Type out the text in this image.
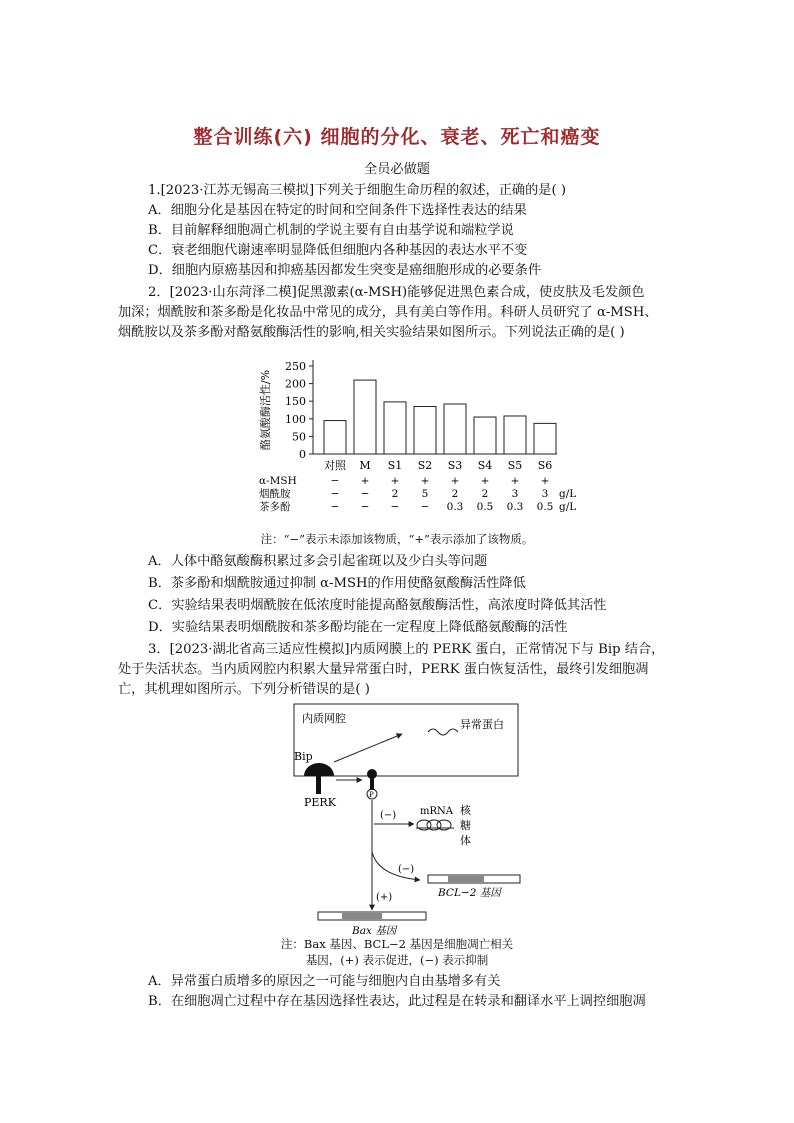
整合训练(六) 细胞的分化、衰老、死亡和癌变
全员必做题
1.[2023·江苏无锡高三模拟]下列关于细胞生命历程的叙述，正确的是( )
A．细胞分化是基因在特定的时间和空间条件下选择性表达的结果
B．目前解释细胞凋亡机制的学说主要有自由基学说和端粒学说
C．衰老细胞代谢速率明显降低但细胞内各种基因的表达水平不变
D．细胞内原癌基因和抑癌基因都发生突变是癌细胞形成的必要条件
2．[2023·山东菏泽二模]促黑激素(α-MSH)能够促进黑色素合成，使皮肤及毛发颜色
加深；烟酰胺和茶多酚是化妆品中常见的成分，具有美白等作用。科研人员研究了 α-MSH、
烟酰胺以及茶多酚对酪氨酸酶活性的影响,相关实验结果如图所示。下列说法正确的是( )
0
50
100
150
200
250
酪氨酸酶活性/%
对照 M S1 S2 S3 S4 S5 S6
α-MSH	− + + + + + + +
烟酰胺	− − 2 5 2 2 3 3 g/L
茶多酚	− − − − 0.3 0.5 0.3 0.5 g/L
注：“−”表示未添加该物质，“+”表示添加了该物质。
A．人体中酪氨酸酶积累过多会引起雀斑以及少白头等问题
B．茶多酚和烟酰胺通过抑制 α-MSH的作用使酪氨酸酶活性降低
C．实验结果表明烟酰胺在低浓度时能提高酪氨酸酶活性，高浓度时降低其活性
D．实验结果表明烟酰胺和茶多酚均能在一定程度上降低酪氨酸酶的活性
3．[2023·湖北省高三适应性模拟]内质网膜上的 PERK 蛋白，正常情况下与 Bip 结合，
处于失活状态。当内质网腔内积累大量异常蛋白时，PERK 蛋白恢复活性，最终引发细胞凋
亡，其机理如图所示。下列分析错误的是( )
内质网腔	异常蛋白
Bip
PERK
P
(−) mRNA 核
糖
体
(−)
BCL−2 基因
(+)
Bax 基因
注：Bax 基因、BCL−2 基因是细胞凋亡相关
基因，(+) 表示促进，(−) 表示抑制
A．异常蛋白质增多的原因之一可能与细胞内自由基增多有关
B．在细胞凋亡过程中存在基因选择性表达，此过程是在转录和翻译水平上调控细胞凋
